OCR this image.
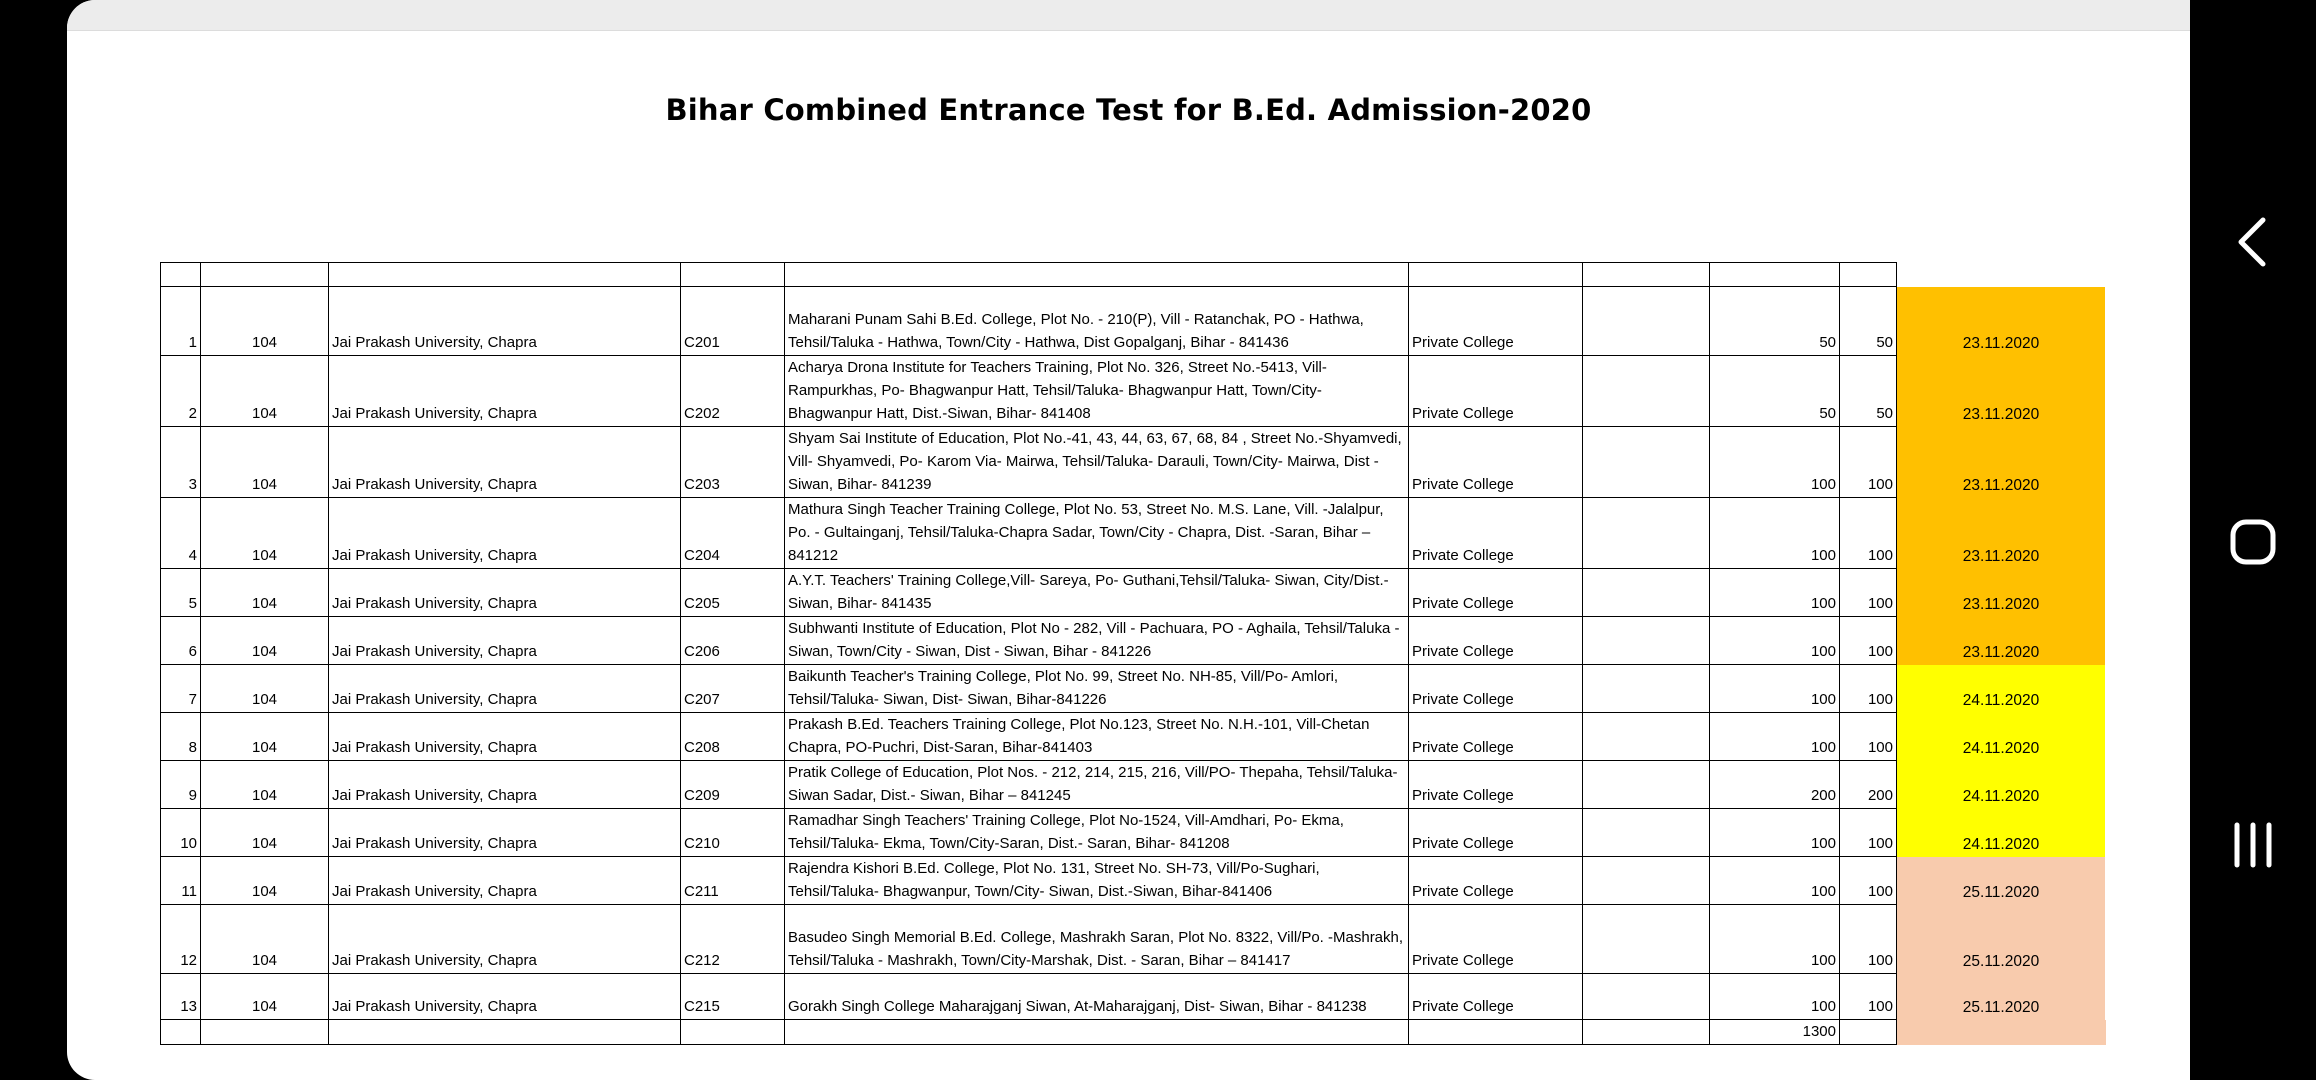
Bihar Combined Entrance Test for B.Ed. Admission-2020

1	104	Jai Prakash University, Chapra	C201	Maharani Punam Sahi B.Ed. College, Plot No. - 210(P), Vill - Ratanchak, PO - Hathwa, Tehsil/Taluka - Hathwa, Town/City - Hathwa, Dist Gopalganj, Bihar - 841436	Private College		50	50	23.11.2020
2	104	Jai Prakash University, Chapra	C202	Acharya Drona Institute for Teachers Training, Plot No. 326, Street No.-5413, Vill-Rampurkhas, Po- Bhagwanpur Hatt, Tehsil/Taluka- Bhagwanpur Hatt, Town/City-Bhagwanpur Hatt, Dist.-Siwan, Bihar- 841408	Private College		50	50	23.11.2020
3	104	Jai Prakash University, Chapra	C203	Shyam Sai Institute of Education, Plot No.-41, 43, 44, 63, 67, 68, 84 , Street No.-Shyamvedi, Vill- Shyamvedi, Po- Karom Via- Mairwa, Tehsil/Taluka- Darauli, Town/City- Mairwa, Dist - Siwan, Bihar- 841239	Private College		100	100	23.11.2020
4	104	Jai Prakash University, Chapra	C204	Mathura Singh Teacher Training College, Plot No. 53, Street No. M.S. Lane, Vill. -Jalalpur, Po. - Gultainganj, Tehsil/Taluka-Chapra Sadar, Town/City - Chapra, Dist. -Saran, Bihar – 841212	Private College		100	100	23.11.2020
5	104	Jai Prakash University, Chapra	C205	A.Y.T. Teachers' Training College,Vill- Sareya, Po- Guthani,Tehsil/Taluka- Siwan, City/Dist.- Siwan, Bihar- 841435	Private College		100	100	23.11.2020
6	104	Jai Prakash University, Chapra	C206	Subhwanti Institute of Education, Plot No - 282, Vill - Pachuara, PO - Aghaila, Tehsil/Taluka - Siwan, Town/City - Siwan, Dist - Siwan, Bihar - 841226	Private College		100	100	23.11.2020
7	104	Jai Prakash University, Chapra	C207	Baikunth Teacher's Training College, Plot No. 99, Street No. NH-85, Vill/Po- Amlori, Tehsil/Taluka- Siwan, Dist- Siwan, Bihar-841226	Private College		100	100	24.11.2020
8	104	Jai Prakash University, Chapra	C208	Prakash B.Ed. Teachers Training College, Plot No.123, Street No. N.H.-101, Vill-Chetan Chapra, PO-Puchri, Dist-Saran, Bihar-841403	Private College		100	100	24.11.2020
9	104	Jai Prakash University, Chapra	C209	Pratik College of Education, Plot Nos. - 212, 214, 215, 216, Vill/PO- Thepaha, Tehsil/Taluka- Siwan Sadar, Dist.- Siwan, Bihar – 841245	Private College		200	200	24.11.2020
10	104	Jai Prakash University, Chapra	C210	Ramadhar Singh Teachers' Training College, Plot No-1524, Vill-Amdhari, Po- Ekma, Tehsil/Taluka- Ekma, Town/City-Saran, Dist.- Saran, Bihar- 841208	Private College		100	100	24.11.2020
11	104	Jai Prakash University, Chapra	C211	Rajendra Kishori B.Ed. College, Plot No. 131, Street No. SH-73, Vill/Po-Sughari, Tehsil/Taluka- Bhagwanpur, Town/City- Siwan, Dist.-Siwan, Bihar-841406	Private College		100	100	25.11.2020
12	104	Jai Prakash University, Chapra	C212	Basudeo Singh Memorial B.Ed. College, Mashrakh Saran, Plot No. 8322, Vill/Po. -Mashrakh, Tehsil/Taluka - Mashrakh, Town/City-Marshak, Dist. - Saran, Bihar – 841417	Private College		100	100	25.11.2020
13	104	Jai Prakash University, Chapra	C215	Gorakh Singh College Maharajganj Siwan, At-Maharajganj, Dist- Siwan, Bihar - 841238	Private College		100	100	25.11.2020
							1300		
